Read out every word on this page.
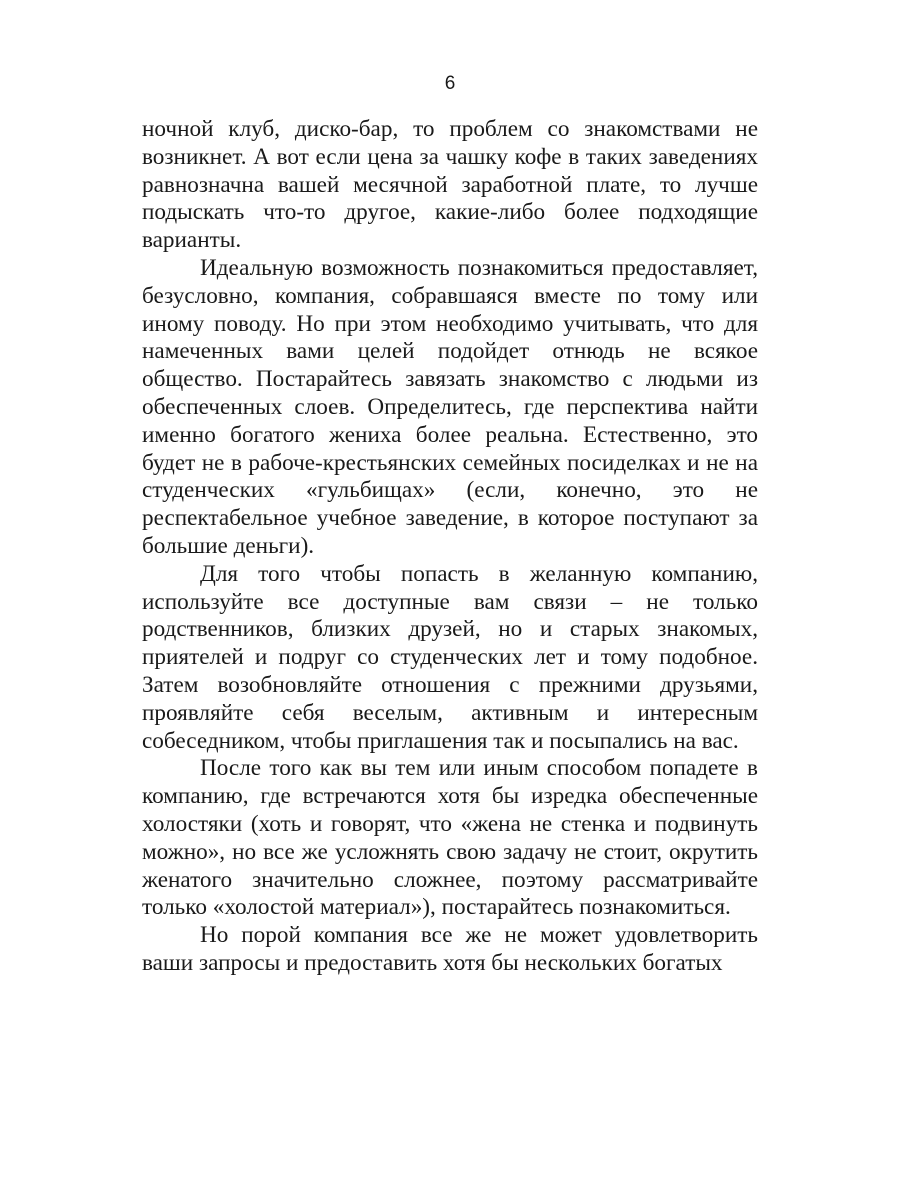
6

ночной клуб, диско-бар, то проблем со знакомствами не возникнет. А вот если цена за чашку кофе в таких заведениях равнозначна вашей месячной заработной плате, то лучше подыскать что-то другое, какие-либо более подходящие варианты.

Идеальную возможность познакомиться предоставляет, безусловно, компания, собравшаяся вместе по тому или иному поводу. Но при этом необходимо учитывать, что для намеченных вами целей подойдет отнюдь не всякое общество. Постарайтесь завязать знакомство с людьми из обеспеченных слоев. Определитесь, где перспектива найти именно богатого жениха более реальна. Естественно, это будет не в рабоче-крестьянских семейных посиделках и не на студенческих «гульбищах» (если, конечно, это не респектабельное учебное заведение, в которое поступают за большие деньги).

Для того чтобы попасть в желанную компанию, используйте все доступные вам связи – не только родственников, близких друзей, но и старых знакомых, приятелей и подруг со студенческих лет и тому подобное. Затем возобновляйте отношения с прежними друзьями, проявляйте себя веселым, активным и интересным собеседником, чтобы приглашения так и посыпались на вас.

После того как вы тем или иным способом попадете в компанию, где встречаются хотя бы изредка обеспеченные холостяки (хоть и говорят, что «жена не стенка и подвинуть можно», но все же усложнять свою задачу не стоит, окрутить женатого значительно сложнее, поэтому рассматривайте только «холостой материал»), постарайтесь познакомиться.

Но порой компания все же не может удовлетворить ваши запросы и предоставить хотя бы нескольких богатых
